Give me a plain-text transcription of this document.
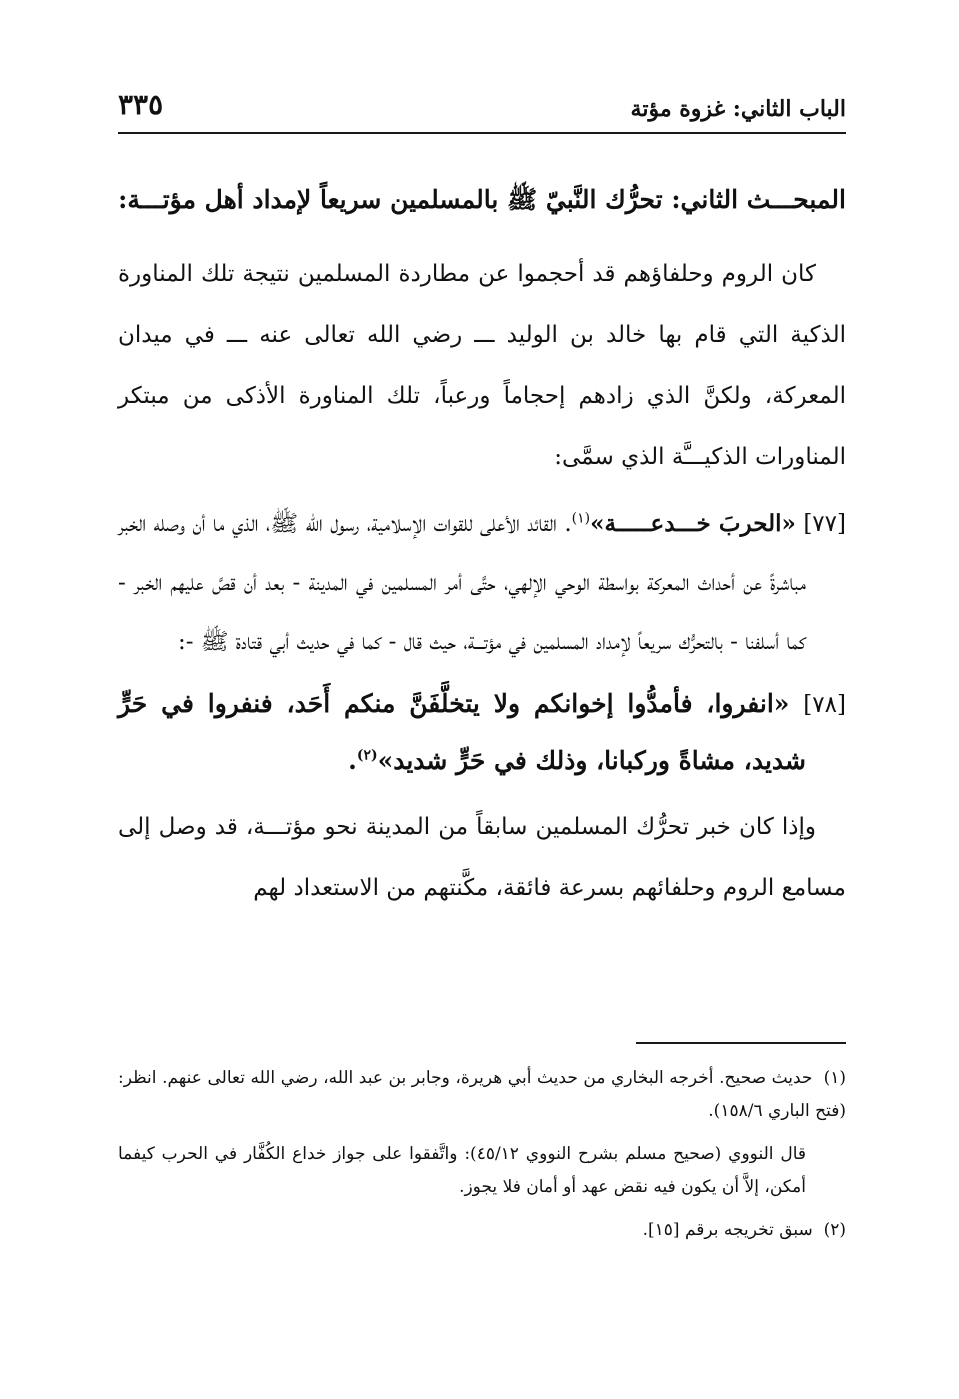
الباب الثاني: غزوة مؤتة
٣٣٥
المبحـــث الثاني: تحرُّك النَّبيّ ﷺ بالمسلمين سريعاً لإمداد أهل مؤتـــة:

كان الروم وحلفاؤهم قد أحجموا عن مطاردة المسلمين نتيجة تلك المناورة الذكية التي قام بها خالد بن الوليد ـــ رضي الله تعالى عنه ـــ في ميدان المعركة، ولكنَّ الذي زادهم إحجاماً ورعباً، تلك المناورة الأذكى من مبتكر المناورات الذكيـــَّة الذي سمَّى:

[٧٧] «الحربَ خـــدعـــــة»$^{(١)}$. القائد الأعلى للقوات الإسلامية، رسول الله ﷺ، الذي ما أن وصله الخبر مباشرةً عن أحداث المعركة بواسطة الوحي الإلهي، حتَّى أمر المسلمين في المدينة - بعد أن قصَّ عليهم الخبر - كما أسلفنا - بالتحرُّك سريعاً لإمداد المسلمين في مؤتـــة، حيث قال - كما في حديث أبي قتادة ﷺ -:

[٧٨] «انفروا، فأمدُّوا إخوانكم ولا يتخلَّفَنَّ منكم أَحَد، فنفروا في حَرٍّ شديد، مشاةً وركبانا، وذلك في حَرٍّ شديد»$^{(٢)}$.

وإذا كان خبر تحرُّك المسلمين سابقاً من المدينة نحو مؤتـــة، قد وصل إلى مسامع الروم وحلفائهم بسرعة فائقة، مكَّنتهم من الاستعداد لهم

(١)  حديث صحيح. أخرجه البخاري من حديث أبي هريرة، وجابر بن عبد الله، رضي الله تعالى عنهم. انظر: (فتح الباري ١٥٨/٦).

قال النووي (صحيح مسلم بشرح النووي ٤٥/١٢): واتَّفقوا على جواز خداع الكُفَّار في الحرب كيفما أمكن، إلاَّ أن يكون فيه نقض عهد أو أمان فلا يجوز.

(٢)  سبق تخريجه برقم [١٥].
